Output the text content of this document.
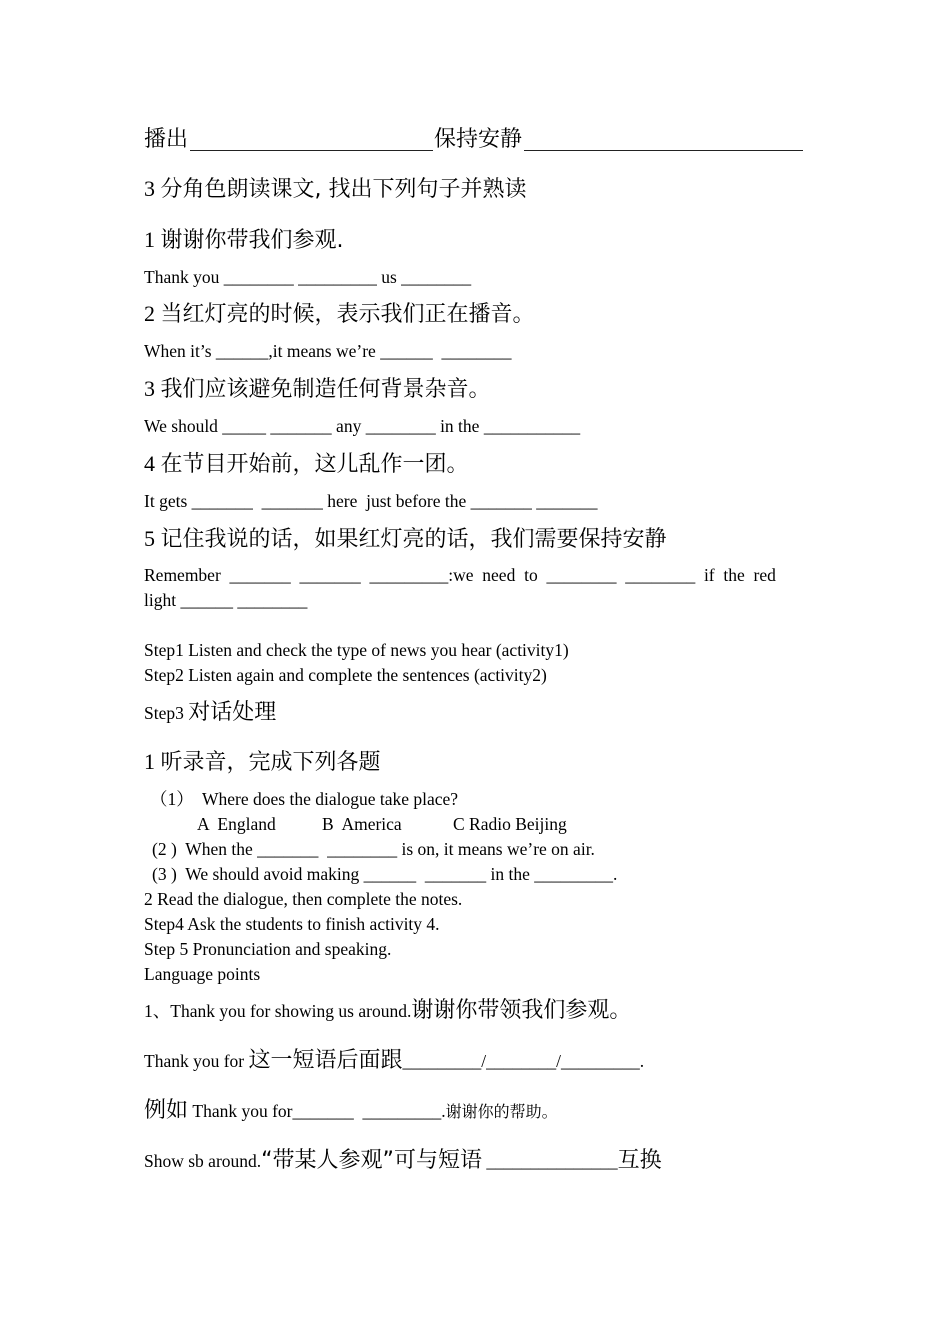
播出	保持安静
3 分角色朗读课文, 找出下列句子并熟读
1 谢谢你带我们参观.
Thank you ________ _________ us ________
2 当红灯亮的时候，表示我们正在播音。
When it’s ______,it means we’re ______  ________
3 我们应该避免制造任何背景杂音。
We should _____ _______ any ________ in the ___________
4 在节目开始前，这儿乱作一团。
It gets _______  _______ here  just before the _______ _______
5 记住我说的话，如果红灯亮的话，我们需要保持安静
Remember  _______  _______  _________:we  need  to  ________  ________  if  the  red
light ______ ________
Step1 Listen and check the type of news you hear (activity1)
Step2 Listen again and complete the sentences (activity2)
Step3 对话处理
1 听录音，完成下列各题
（1） Where does the dialogue take place?
A  England	B  America	C Radio Beijing
(2 )  When the _______  ________ is on, it means we’re on air.
(3 )  We should avoid making ______  _______ in the _________.
2 Read the dialogue, then complete the notes.
Step4 Ask the students to finish activity 4.
Step 5 Pronunciation and speaking.
Language points
1、Thank you for showing us around.谢谢你带领我们参观。
Thank you for 这一短语后面跟_________/________/_________.
例如 Thank you for_______  _________.谢谢你的帮助。
Show sb around.“带某人参观”可与短语 _______________互换
